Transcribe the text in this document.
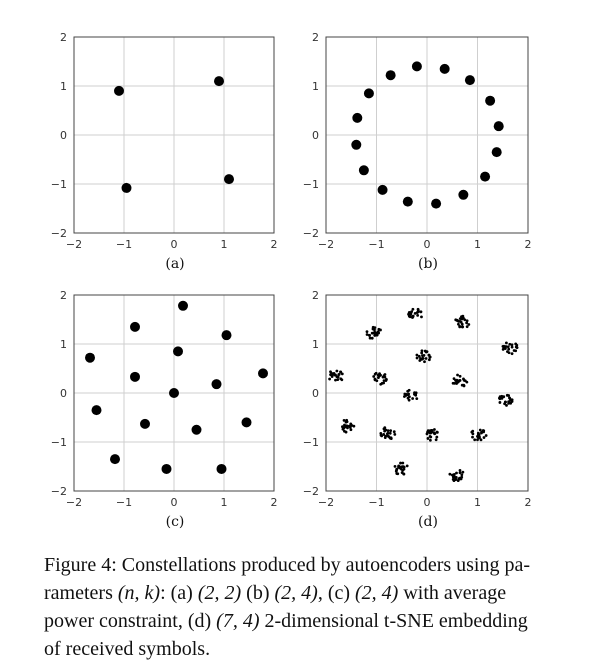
−2	−1	0	1	2
2
1
0
−1
−2
(a)
−2	−1	0	1	2
2
1
0
−1
−2
(b)
−2	−1	0	1	2
2
1
0
−1
−2
(c)
−2	−1	0	1	2
2
1
0
−1
−2
(d)
Figure 4: Constellations produced by autoencoders using pa-
rameters (n, k): (a) (2, 2) (b) (2, 4), (c) (2, 4) with average
power constraint, (d) (7, 4) 2-dimensional t-SNE embedding
of received symbols.
